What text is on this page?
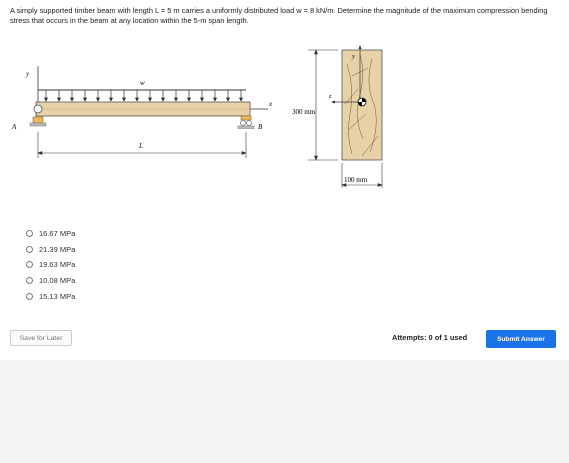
A simply supported timber beam with length L = 5 m carries a uniformly distributed load w = 8 kN/m. Determine the magnitude of the maximum compression bending stress that occurs in the beam at any location within the 5-m span length.
y
w
x
A	B
L
y
z
300 mm
100 mm
16.67 MPa
21.39 MPa
19.63 MPa
10.08 MPa
15.13 MPa
Save for Later	Attempts: 0 of 1 used	Submit Answer
